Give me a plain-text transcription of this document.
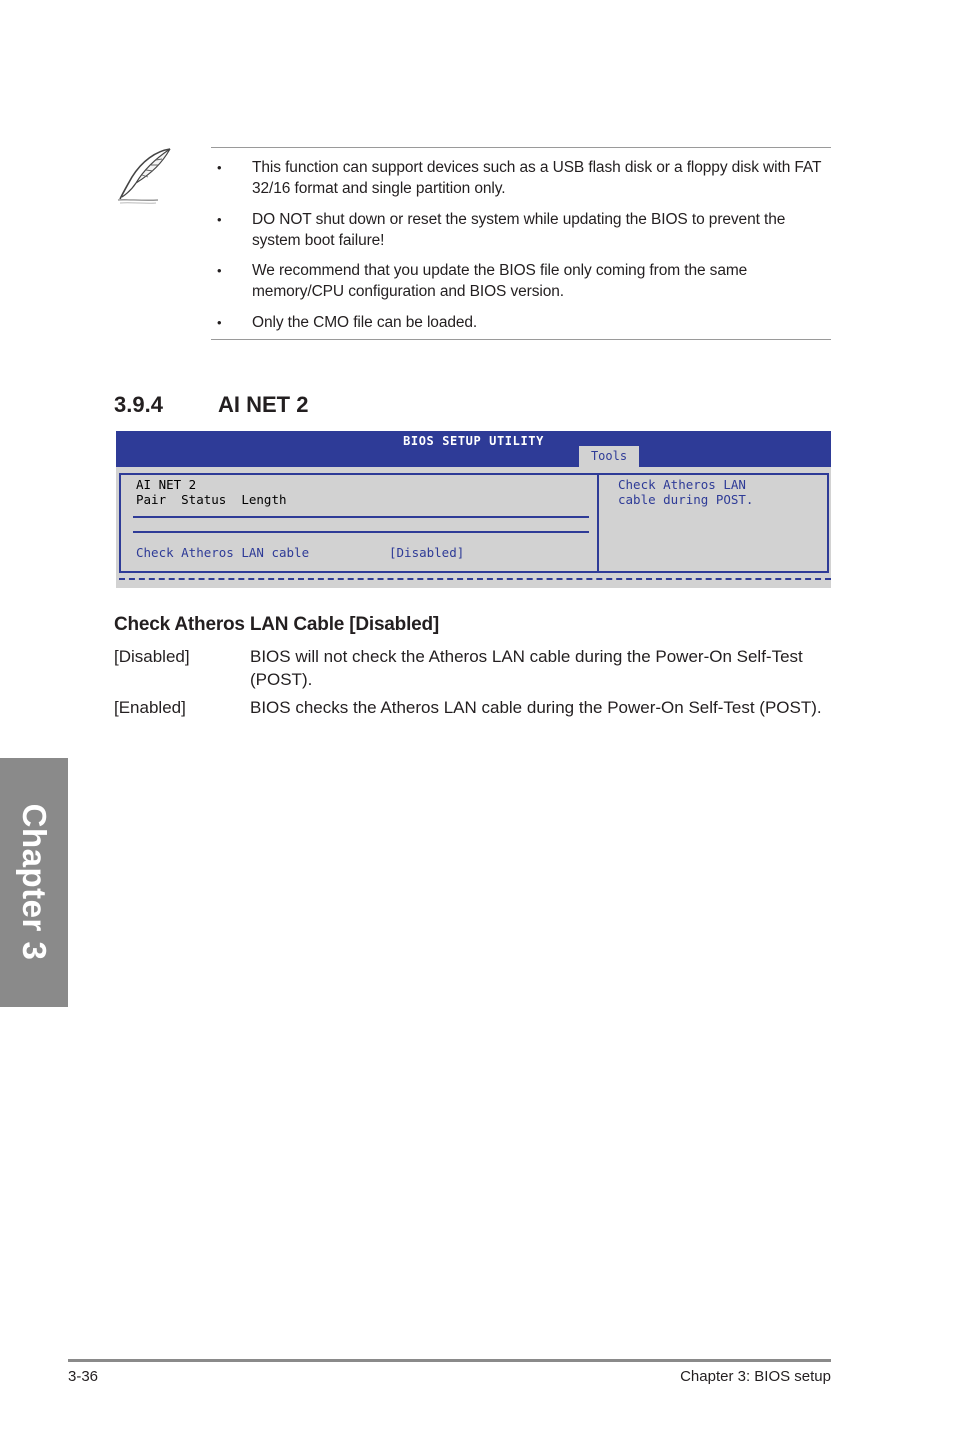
• This function can support devices such as a USB flash disk or a floppy disk with FAT 32/16 format and single partition only.
• DO NOT shut down or reset the system while updating the BIOS to prevent the system boot failure!
• We recommend that you update the BIOS file only coming from the same memory/CPU configuration and BIOS version.
• Only the CMO file can be loaded.
3.9.4	AI NET 2
BIOS SETUP UTILITY
Tools
AI NET 2
Pair  Status  Length
Check Atheros LAN cable	[Disabled]
Check Atheros LAN
cable during POST.
Check Atheros LAN Cable [Disabled]
[Disabled]	BIOS will not check the Atheros LAN cable during the Power-On Self-Test (POST).
[Enabled]	BIOS checks the Atheros LAN cable during the Power-On Self-Test (POST).
Chapter 3
3-36	Chapter 3: BIOS setup
